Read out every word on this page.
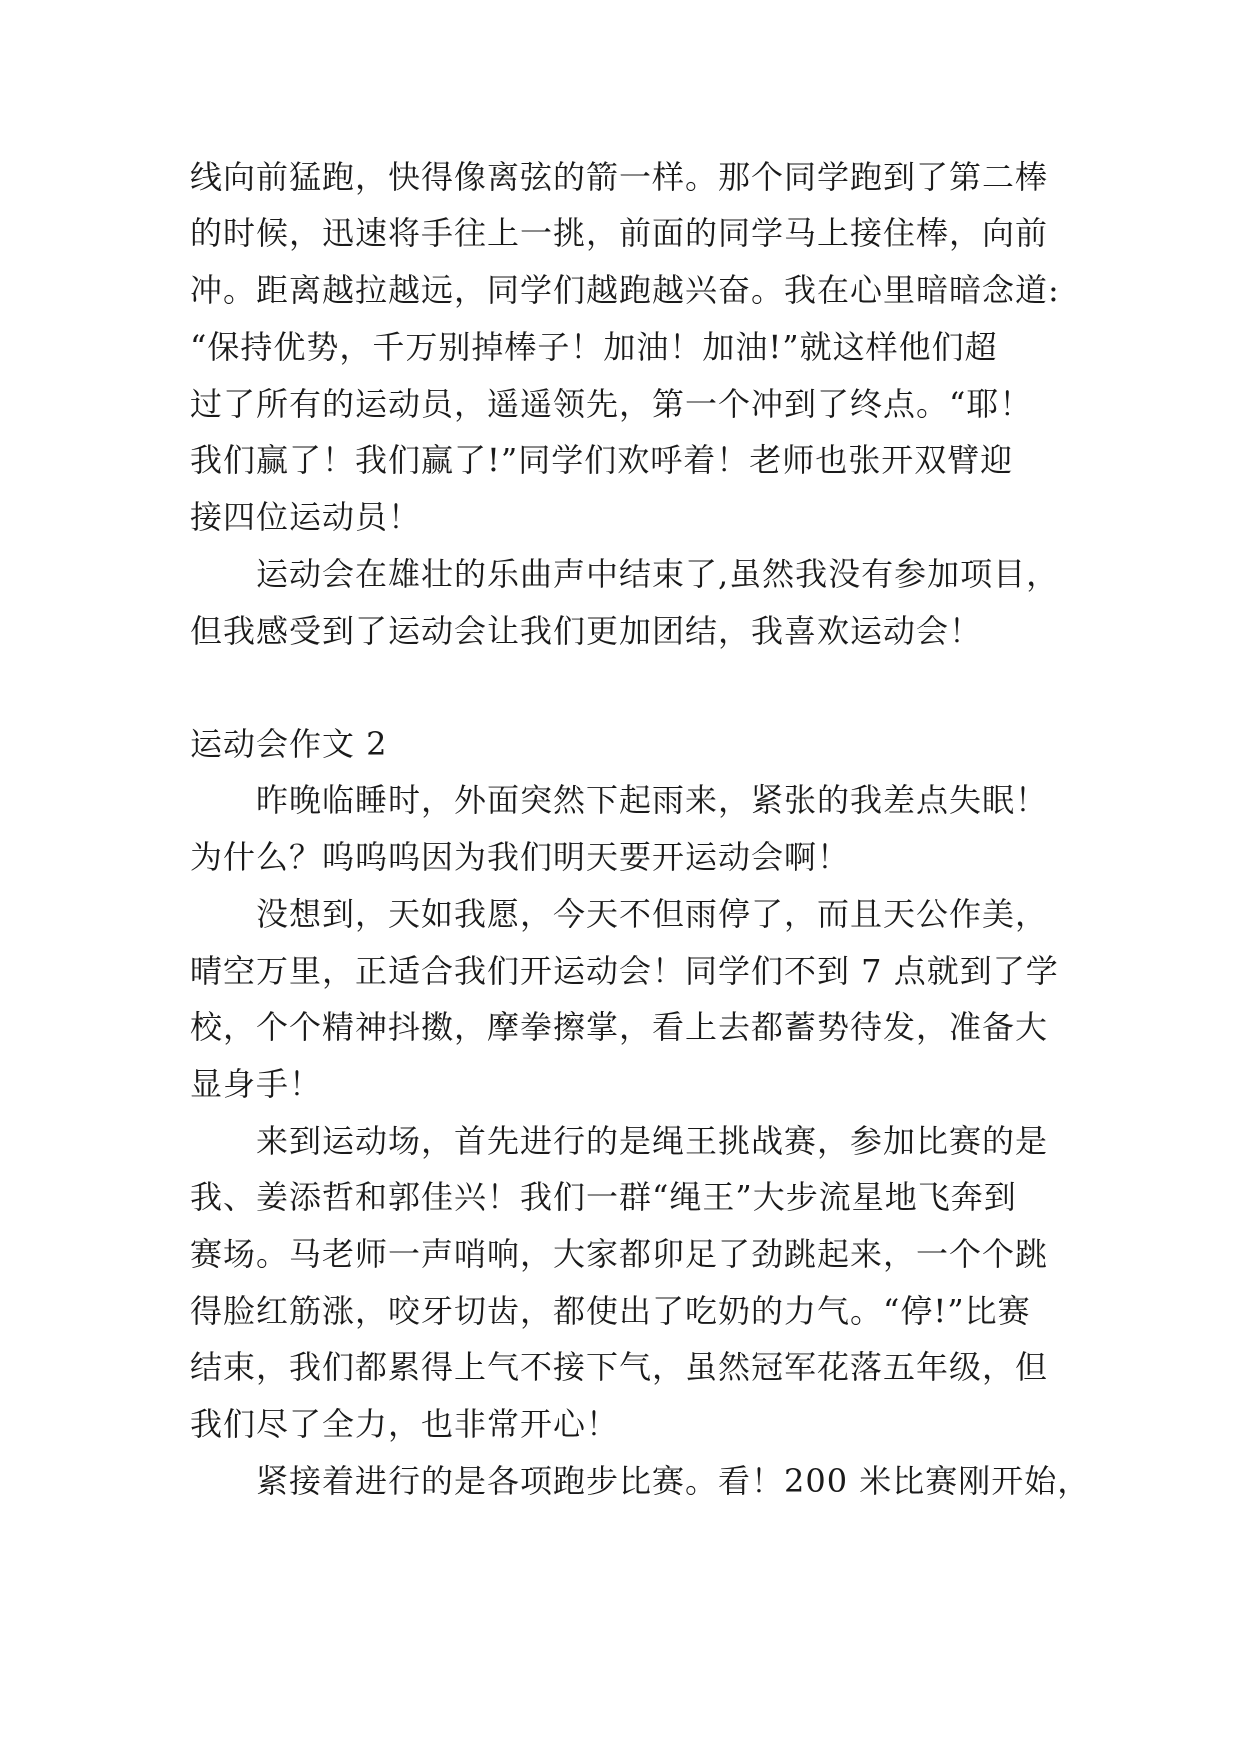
线向前猛跑，快得像离弦的箭一样。那个同学跑到了第二棒
的时候，迅速将手往上一挑，前面的同学马上接住棒，向前
冲。距离越拉越远，同学们越跑越兴奋。我在心里暗暗念道:
“保持优势，千万别掉棒子！加油！加油!”就这样他们超
过了所有的运动员，遥遥领先，第一个冲到了终点。“耶！
我们赢了！我们赢了!”同学们欢呼着！老师也张开双臂迎
接四位运动员！
运动会在雄壮的乐曲声中结束了,虽然我没有参加项目，
但我感受到了运动会让我们更加团结，我喜欢运动会！
运动会作文 2
昨晚临睡时，外面突然下起雨来，紧张的我差点失眠！
为什么？呜呜呜因为我们明天要开运动会啊！
没想到，天如我愿，今天不但雨停了，而且天公作美，
晴空万里，正适合我们开运动会！同学们不到 7 点就到了学
校，个个精神抖擞，摩拳擦掌，看上去都蓄势待发，准备大
显身手！
来到运动场，首先进行的是绳王挑战赛，参加比赛的是
我、姜添哲和郭佳兴！我们一群“绳王”大步流星地飞奔到
赛场。马老师一声哨响，大家都卯足了劲跳起来，一个个跳
得脸红筋涨，咬牙切齿，都使出了吃奶的力气。“停!”比赛
结束，我们都累得上气不接下气，虽然冠军花落五年级，但
我们尽了全力，也非常开心！
紧接着进行的是各项跑步比赛。看！200 米比赛刚开始，
